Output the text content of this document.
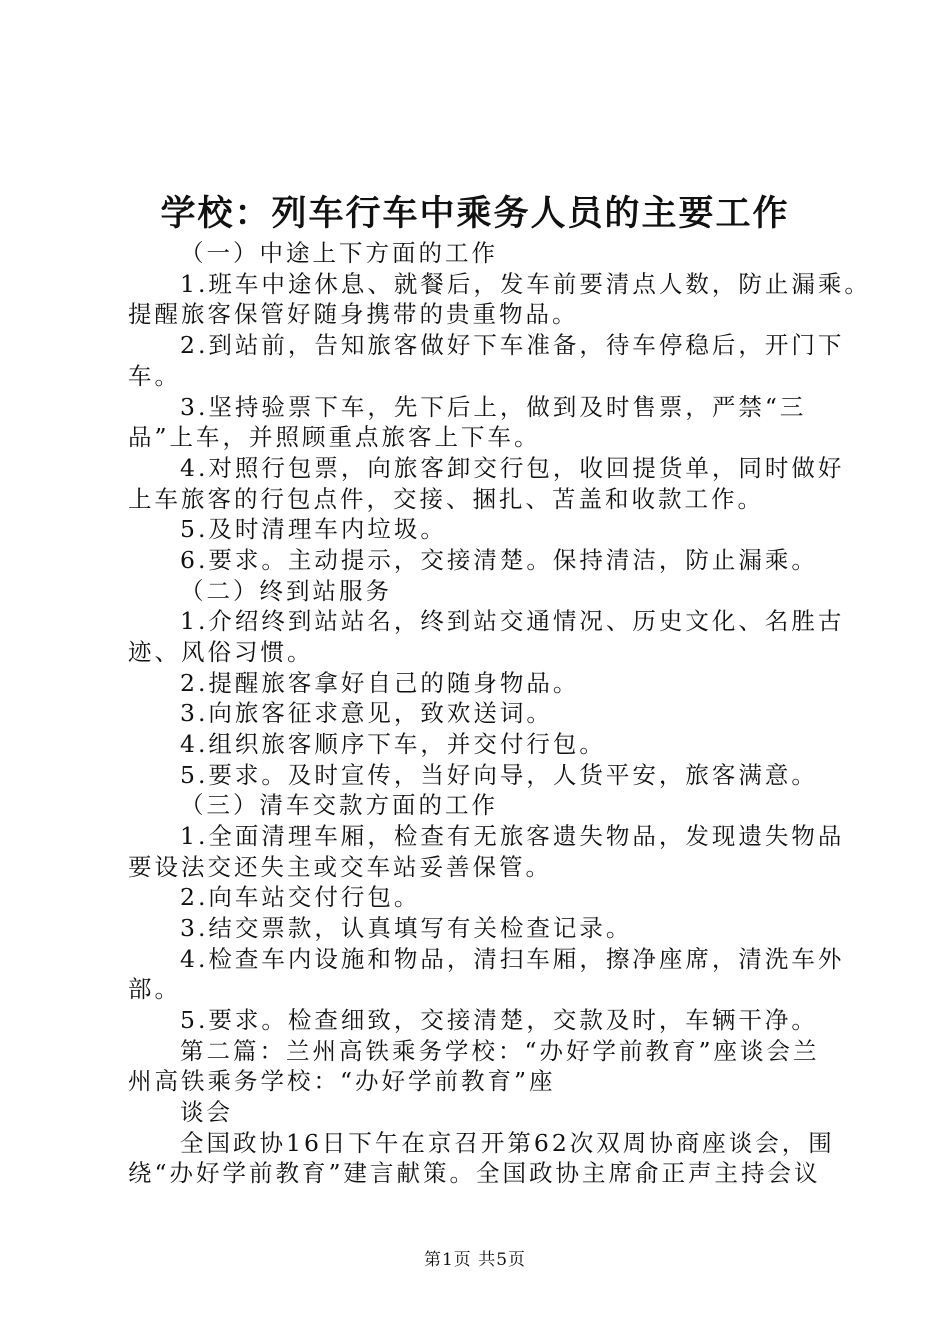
学校：列车行车中乘务人员的主要工作
（一）中途上下方面的工作
1.班车中途休息、就餐后，发车前要清点人数，防止漏乘。
提醒旅客保管好随身携带的贵重物品。
2.到站前，告知旅客做好下车准备，待车停稳后，开门下
车。
3.坚持验票下车，先下后上，做到及时售票，严禁“三
品”上车，并照顾重点旅客上下车。
4.对照行包票，向旅客卸交行包，收回提货单，同时做好
上车旅客的行包点件，交接、捆扎、苫盖和收款工作。
5.及时清理车内垃圾。
6.要求。主动提示，交接清楚。保持清洁，防止漏乘。
（二）终到站服务
1.介绍终到站站名，终到站交通情况、历史文化、名胜古
迹、风俗习惯。
2.提醒旅客拿好自己的随身物品。
3.向旅客征求意见，致欢送词。
4.组织旅客顺序下车，并交付行包。
5.要求。及时宣传，当好向导，人货平安，旅客满意。
（三）清车交款方面的工作
1.全面清理车厢，检查有无旅客遗失物品，发现遗失物品
要设法交还失主或交车站妥善保管。
2.向车站交付行包。
3.结交票款，认真填写有关检查记录。
4.检查车内设施和物品，清扫车厢，擦净座席，清洗车外
部。
5.要求。检查细致，交接清楚，交款及时，车辆干净。
第二篇：兰州高铁乘务学校：“办好学前教育”座谈会兰
州高铁乘务学校：“办好学前教育”座
谈会
全国政协16日下午在京召开第62次双周协商座谈会，围
绕“办好学前教育”建言献策。全国政协主席俞正声主持会议
第1页 共5页
